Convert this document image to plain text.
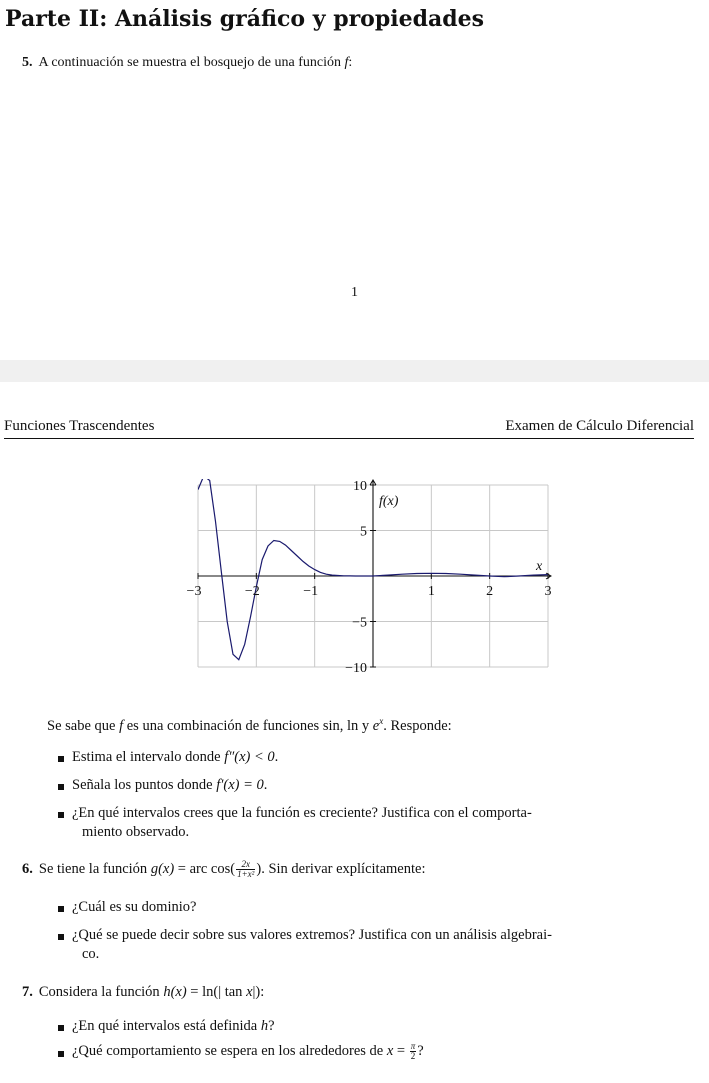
Parte II: Análisis gráfico y propiedades
5. A continuación se muestra el bosquejo de una función f:
1
Funciones Trascendentes	Examen de Cálculo Diferencial
−3	−2	−1	1	2	3
−10
−5
5
10
x
f(x)
Se sabe que f es una combinación de funciones sin, ln y $e^x$. Responde:
Estima el intervalo donde f″(x) < 0.
Señala los puntos donde f′(x) = 0.
¿En qué intervalos crees que la función es creciente? Justifica con el comporta-
miento observado.
6. Se tiene la función g(x) = arc $\cos( \frac{2x}{\text{1+x²}}$ ). Sin derivar explícitamente:
¿Cuál es su dominio?
¿Qué se puede decir sobre sus valores extremos? Justifica con un análisis algebrai-
co.
7. Considera la función h(x) = ln(| tan x|):
¿En qué intervalos está definida h?
¿Qué comportamiento se espera en los alrededores de $x = \frac{\pi}{2}$ ?
